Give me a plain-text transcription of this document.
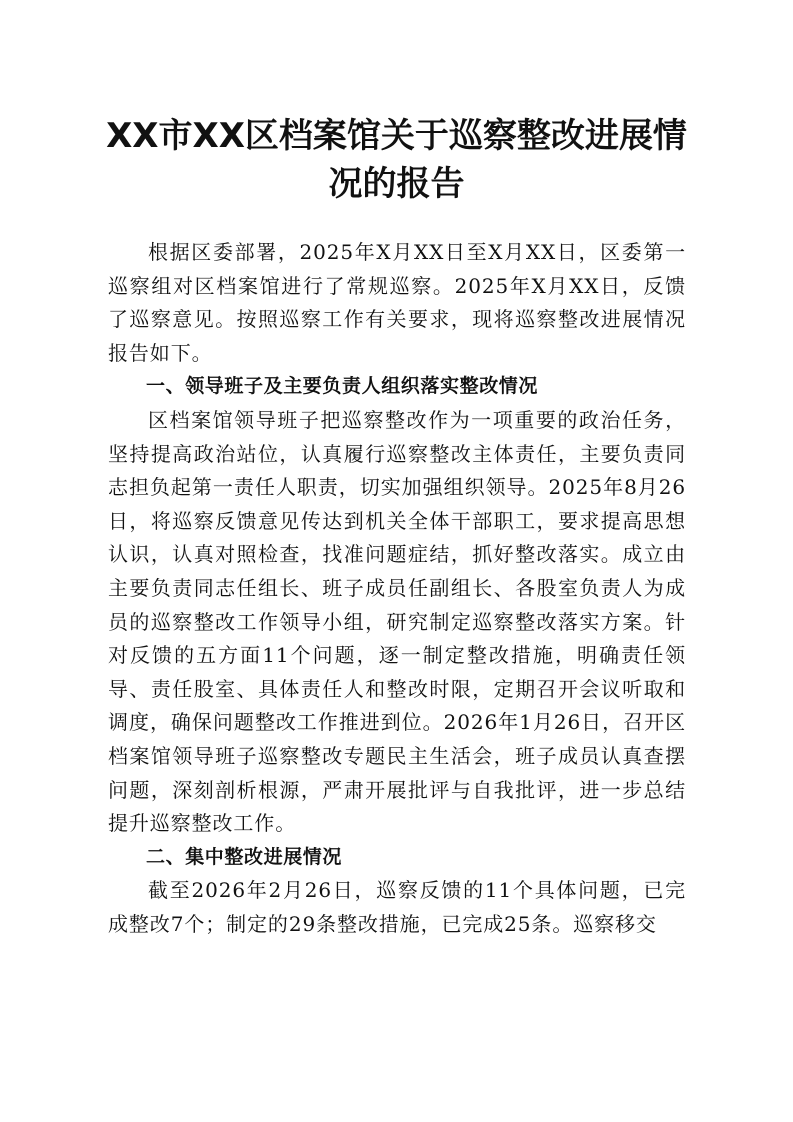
XX市XX区档案馆关于巡察整改进展情况的报告

根据区委部署，2025年X月XX日至X月XX日，区委第一巡察组对区档案馆进行了常规巡察。2025年X月XX日，反馈了巡察意见。按照巡察工作有关要求，现将巡察整改进展情况报告如下。

一、领导班子及主要负责人组织落实整改情况

区档案馆领导班子把巡察整改作为一项重要的政治任务，坚持提高政治站位，认真履行巡察整改主体责任，主要负责同志担负起第一责任人职责，切实加强组织领导。2025年8月26日，将巡察反馈意见传达到机关全体干部职工，要求提高思想认识，认真对照检查，找准问题症结，抓好整改落实。成立由主要负责同志任组长、班子成员任副组长、各股室负责人为成员的巡察整改工作领导小组，研究制定巡察整改落实方案。针对反馈的五方面11个问题，逐一制定整改措施，明确责任领导、责任股室、具体责任人和整改时限，定期召开会议听取和调度，确保问题整改工作推进到位。2026年1月26日，召开区档案馆领导班子巡察整改专题民主生活会，班子成员认真查摆问题，深刻剖析根源，严肃开展批评与自我批评，进一步总结提升巡察整改工作。

二、集中整改进展情况

截至2026年2月26日，巡察反馈的11个具体问题，已完成整改7个；制定的29条整改措施，已完成25条。巡察移交
